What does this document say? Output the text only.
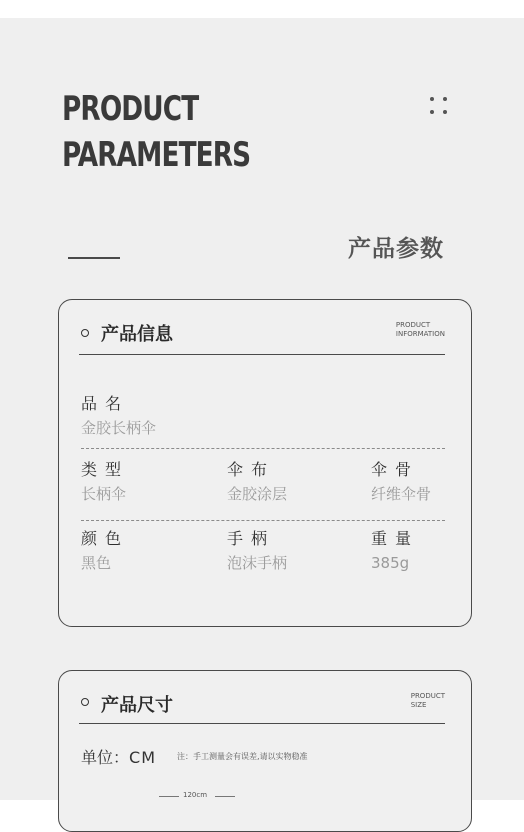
PRODUCT
PARAMETERS
产品参数
产品信息	PRODUCT
INFORMATION
品名
金胶长柄伞
类型
长柄伞
伞布
金胶涂层
伞骨
纤维伞骨
颜色
黑色
手柄
泡沫手柄
重量
385g
产品尺寸	PRODUCT
SIZE
单位：CM	注：手工测量会有误差,请以实物稳准
120cm
